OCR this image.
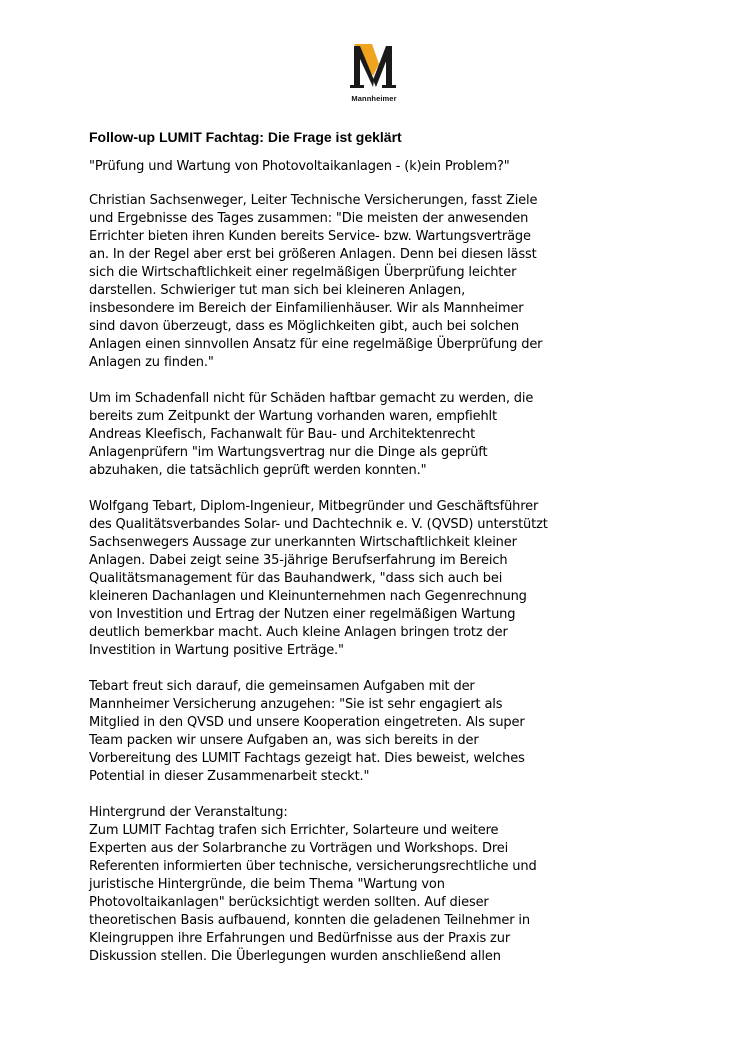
Mannheimer
Follow-up LUMIT Fachtag: Die Frage ist geklärt
"Prüfung und Wartung von Photovoltaikanlagen - (k)ein Problem?"
Christian Sachsenweger, Leiter Technische Versicherungen, fasst Ziele
und Ergebnisse des Tages zusammen: "Die meisten der anwesenden
Errichter bieten ihren Kunden bereits Service- bzw. Wartungsverträge
an. In der Regel aber erst bei größeren Anlagen. Denn bei diesen lässt
sich die Wirtschaftlichkeit einer regelmäßigen Überprüfung leichter
darstellen. Schwieriger tut man sich bei kleineren Anlagen,
insbesondere im Bereich der Einfamilienhäuser. Wir als Mannheimer
sind davon überzeugt, dass es Möglichkeiten gibt, auch bei solchen
Anlagen einen sinnvollen Ansatz für eine regelmäßige Überprüfung der
Anlagen zu finden."
Um im Schadenfall nicht für Schäden haftbar gemacht zu werden, die
bereits zum Zeitpunkt der Wartung vorhanden waren, empfiehlt
Andreas Kleefisch, Fachanwalt für Bau- und Architektenrecht
Anlagenprüfern "im Wartungsvertrag nur die Dinge als geprüft
abzuhaken, die tatsächlich geprüft werden konnten."
Wolfgang Tebart, Diplom-Ingenieur, Mitbegründer und Geschäftsführer
des Qualitätsverbandes Solar- und Dachtechnik e. V. (QVSD) unterstützt
Sachsenwegers Aussage zur unerkannten Wirtschaftlichkeit kleiner
Anlagen. Dabei zeigt seine 35-jährige Berufserfahrung im Bereich
Qualitätsmanagement für das Bauhandwerk, "dass sich auch bei
kleineren Dachanlagen und Kleinunternehmen nach Gegenrechnung
von Investition und Ertrag der Nutzen einer regelmäßigen Wartung
deutlich bemerkbar macht. Auch kleine Anlagen bringen trotz der
Investition in Wartung positive Erträge."
Tebart freut sich darauf, die gemeinsamen Aufgaben mit der
Mannheimer Versicherung anzugehen: "Sie ist sehr engagiert als
Mitglied in den QVSD und unsere Kooperation eingetreten. Als super
Team packen wir unsere Aufgaben an, was sich bereits in der
Vorbereitung des LUMIT Fachtags gezeigt hat. Dies beweist, welches
Potential in dieser Zusammenarbeit steckt."
Hintergrund der Veranstaltung:
Zum LUMIT Fachtag trafen sich Errichter, Solarteure und weitere
Experten aus der Solarbranche zu Vorträgen und Workshops. Drei
Referenten informierten über technische, versicherungsrechtliche und
juristische Hintergründe, die beim Thema "Wartung von
Photovoltaikanlagen" berücksichtigt werden sollten. Auf dieser
theoretischen Basis aufbauend, konnten die geladenen Teilnehmer in
Kleingruppen ihre Erfahrungen und Bedürfnisse aus der Praxis zur
Diskussion stellen. Die Überlegungen wurden anschließend allen
